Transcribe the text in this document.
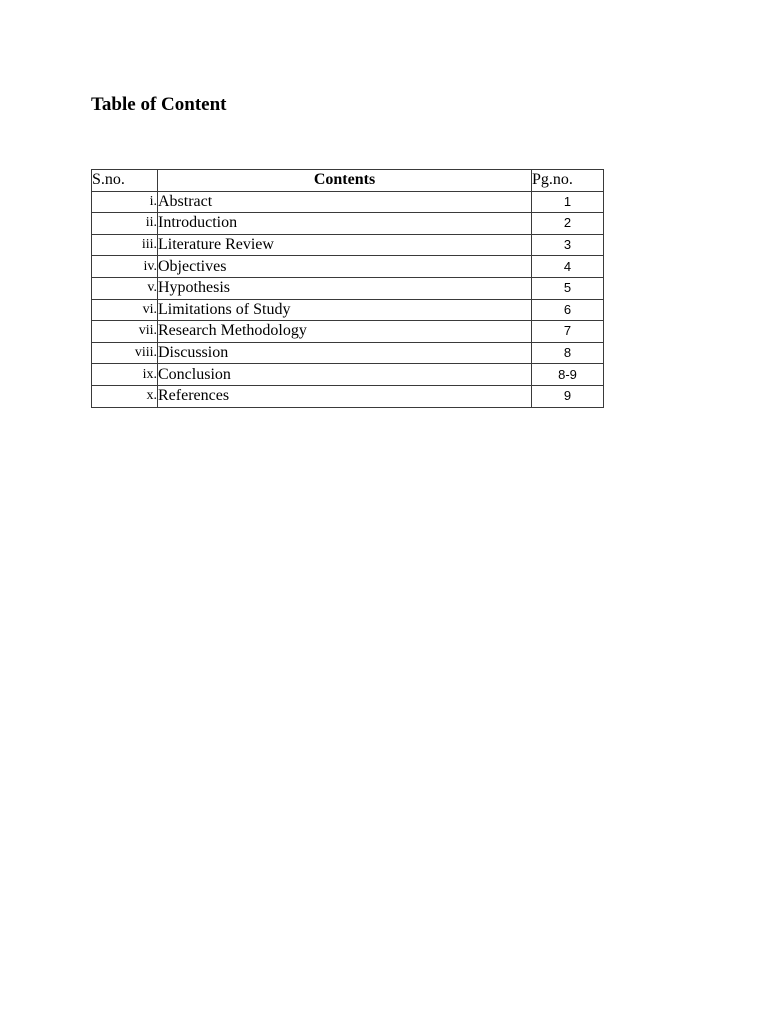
Table of Content
S.no.	Contents	Pg.no.
i.	Abstract	1
ii.	Introduction	2
iii.	Literature Review	3
iv.	Objectives	4
v.	Hypothesis	5
vi.	Limitations of Study	6
vii.	Research Methodology	7
viii.	Discussion	8
ix.	Conclusion	8-9
x.	References	9
